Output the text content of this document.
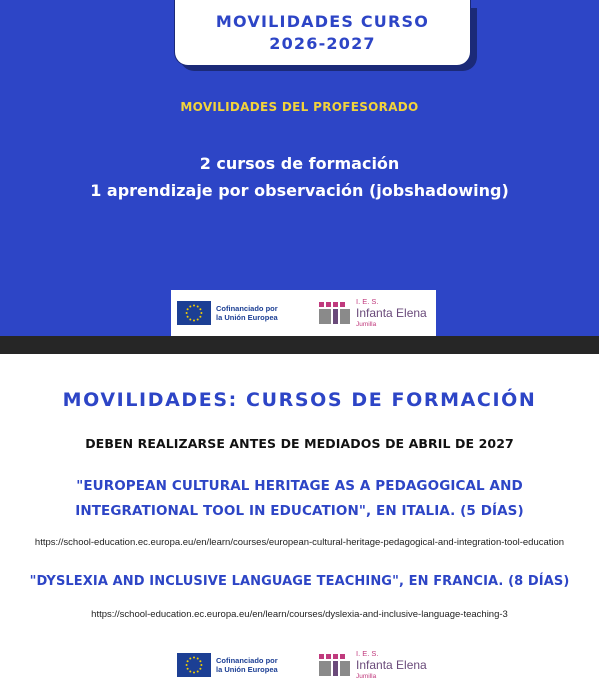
MOVILIDADES CURSO
2026-2027
MOVILIDADES DEL PROFESORADO
2 cursos de formación
1 aprendizaje por observación (jobshadowing)
Cofinanciado por
la Unión Europea
I. E. S.
Infanta Elena
Jumilla
MOVILIDADES: CURSOS DE FORMACIÓN
DEBEN REALIZARSE ANTES DE MEDIADOS DE ABRIL DE 2027
"EUROPEAN CULTURAL HERITAGE AS A PEDAGOGICAL AND INTEGRATIONAL TOOL IN EDUCATION", EN ITALIA. (5 DÍAS)
https://school-education.ec.europa.eu/en/learn/courses/european-cultural-heritage-pedagogical-and-integration-tool-education
"DYSLEXIA AND INCLUSIVE LANGUAGE TEACHING", EN FRANCIA. (8 DÍAS)
https://school-education.ec.europa.eu/en/learn/courses/dyslexia-and-inclusive-language-teaching-3
Cofinanciado por
la Unión Europea
I. E. S.
Infanta Elena
Jumilla
